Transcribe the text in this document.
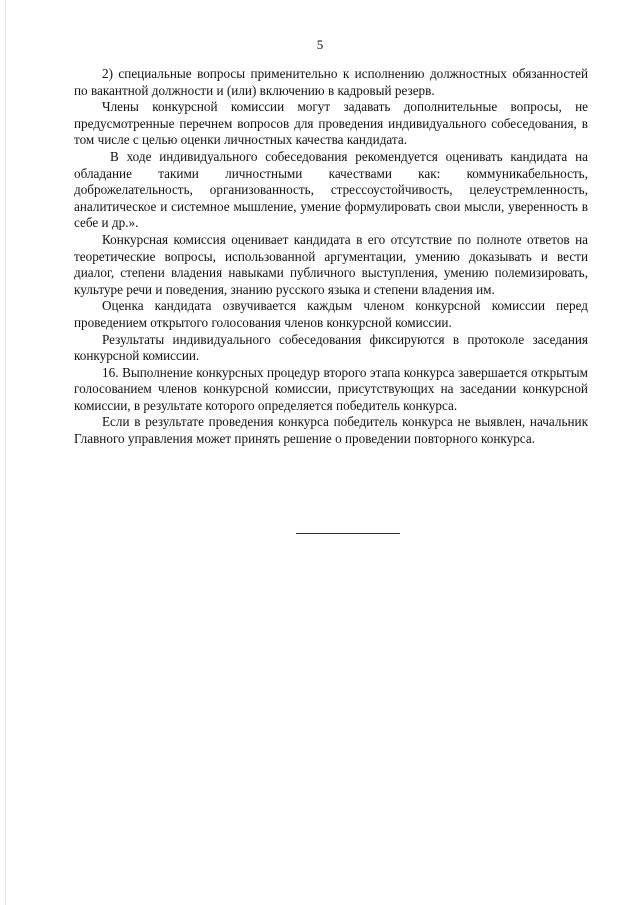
5

2) специальные вопросы применительно к исполнению должностных обязанностей по вакантной должности и (или) включению в кадровый резерв.

Члены конкурсной комиссии могут задавать дополнительные вопросы, не предусмотренные перечнем вопросов для проведения индивидуального собеседования, в том числе с целью оценки личностных качества кандидата.

В ходе индивидуального собеседования рекомендуется оценивать кандидата на обладание такими личностными качествами как: коммуникабельность, доброжелательность, организованность, стрессоустойчивость, целеустремленность, аналитическое и системное мышление, умение формулировать свои мысли, уверенность в себе и др.».

Конкурсная комиссия оценивает кандидата в его отсутствие по полноте ответов на теоретические вопросы, использованной аргументации, умению доказывать и вести диалог, степени владения навыками публичного выступления, умению полемизировать, культуре речи и поведения, знанию русского языка и степени владения им.

Оценка кандидата озвучивается каждым членом конкурсной комиссии перед проведением открытого голосования членов конкурсной комиссии.

Результаты индивидуального собеседования фиксируются в протоколе заседания конкурсной комиссии.

16. Выполнение конкурсных процедур второго этапа конкурса завершается открытым голосованием членов конкурсной комиссии, присутствующих на заседании конкурсной комиссии, в результате которого определяется победитель конкурса.

Если в результате проведения конкурса победитель конкурса не выявлен, начальник Главного управления может принять решение о проведении повторного конкурса.
